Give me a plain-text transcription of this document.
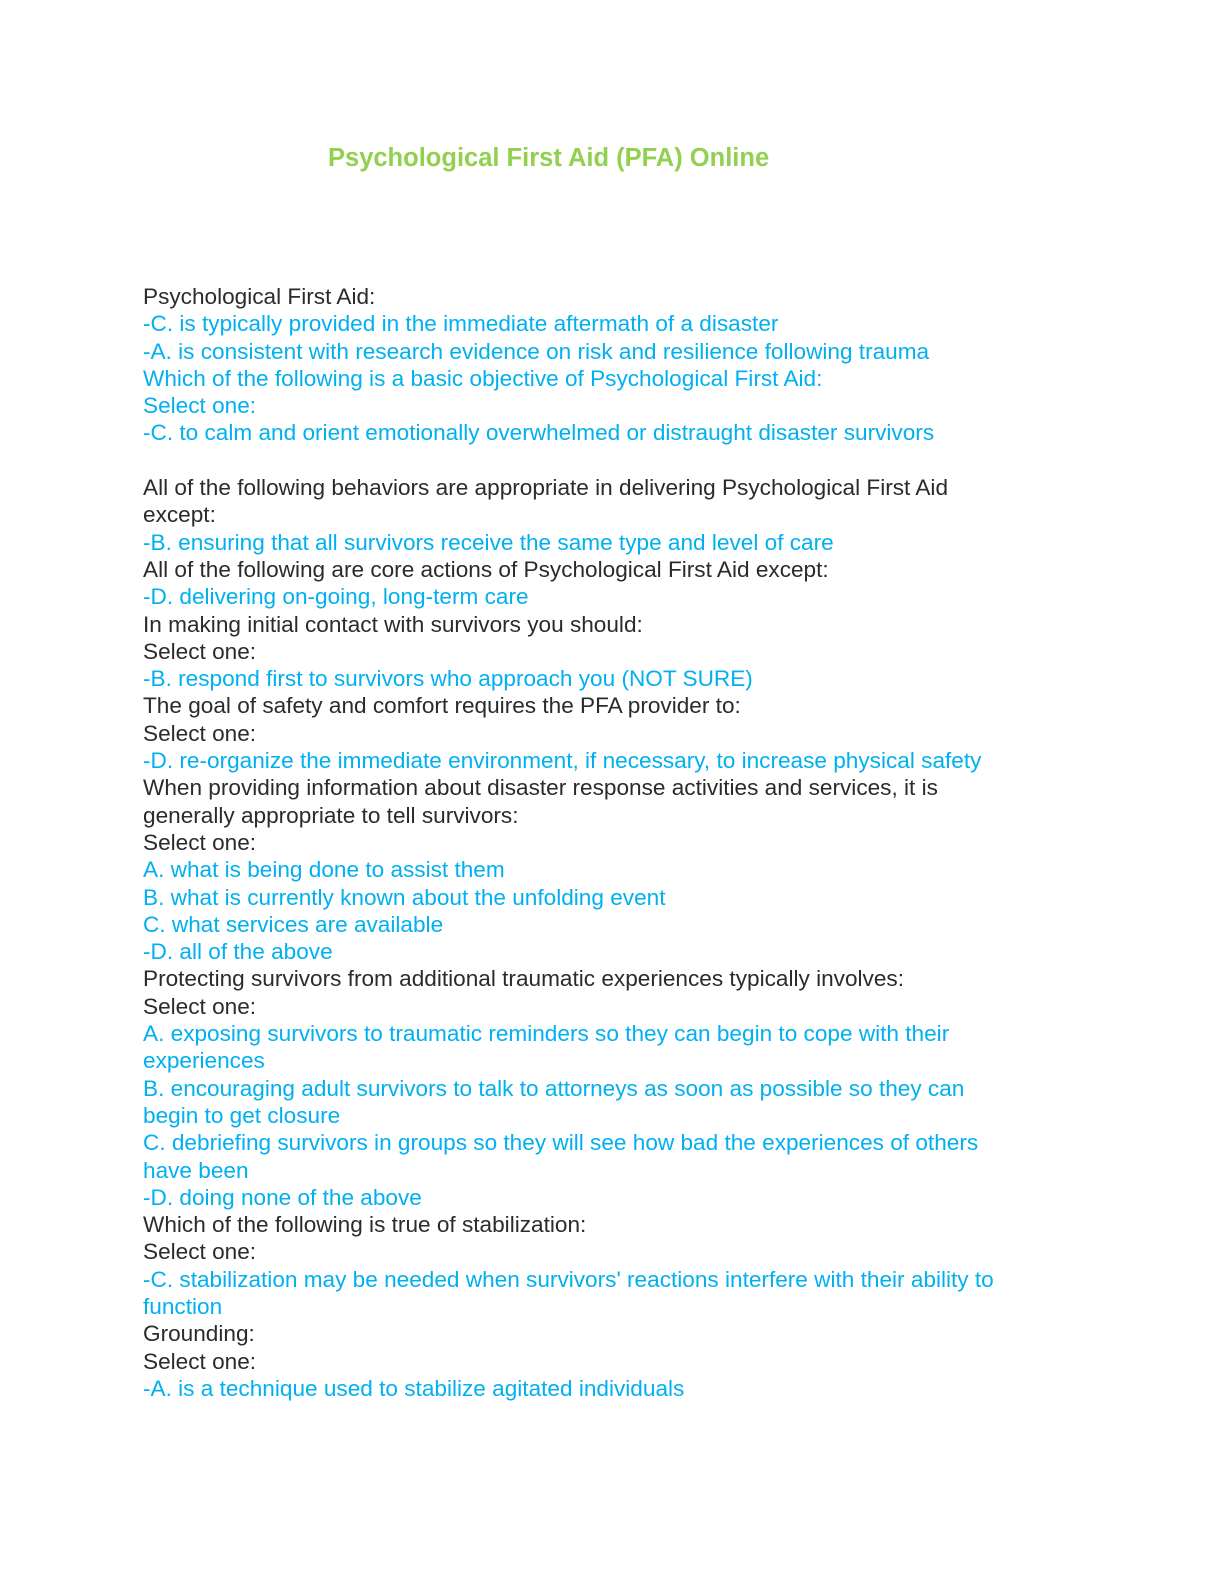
Psychological First Aid (PFA) Online
Psychological First Aid:
-C. is typically provided in the immediate aftermath of a disaster
-A. is consistent with research evidence on risk and resilience following trauma
Which of the following is a basic objective of Psychological First Aid:
Select one:
-C. to calm and orient emotionally overwhelmed or distraught disaster survivors
All of the following behaviors are appropriate in delivering Psychological First Aid
except:
-B. ensuring that all survivors receive the same type and level of care
All of the following are core actions of Psychological First Aid except:
-D. delivering on-going, long-term care
In making initial contact with survivors you should:
Select one:
-B. respond first to survivors who approach you (NOT SURE)
The goal of safety and comfort requires the PFA provider to:
Select one:
-D. re-organize the immediate environment, if necessary, to increase physical safety
When providing information about disaster response activities and services, it is
generally appropriate to tell survivors:
Select one:
A. what is being done to assist them
B. what is currently known about the unfolding event
C. what services are available
-D. all of the above
Protecting survivors from additional traumatic experiences typically involves:
Select one:
A. exposing survivors to traumatic reminders so they can begin to cope with their
experiences
B. encouraging adult survivors to talk to attorneys as soon as possible so they can
begin to get closure
C. debriefing survivors in groups so they will see how bad the experiences of others
have been
-D. doing none of the above
Which of the following is true of stabilization:
Select one:
-C. stabilization may be needed when survivors' reactions interfere with their ability to
function
Grounding:
Select one:
-A. is a technique used to stabilize agitated individuals
